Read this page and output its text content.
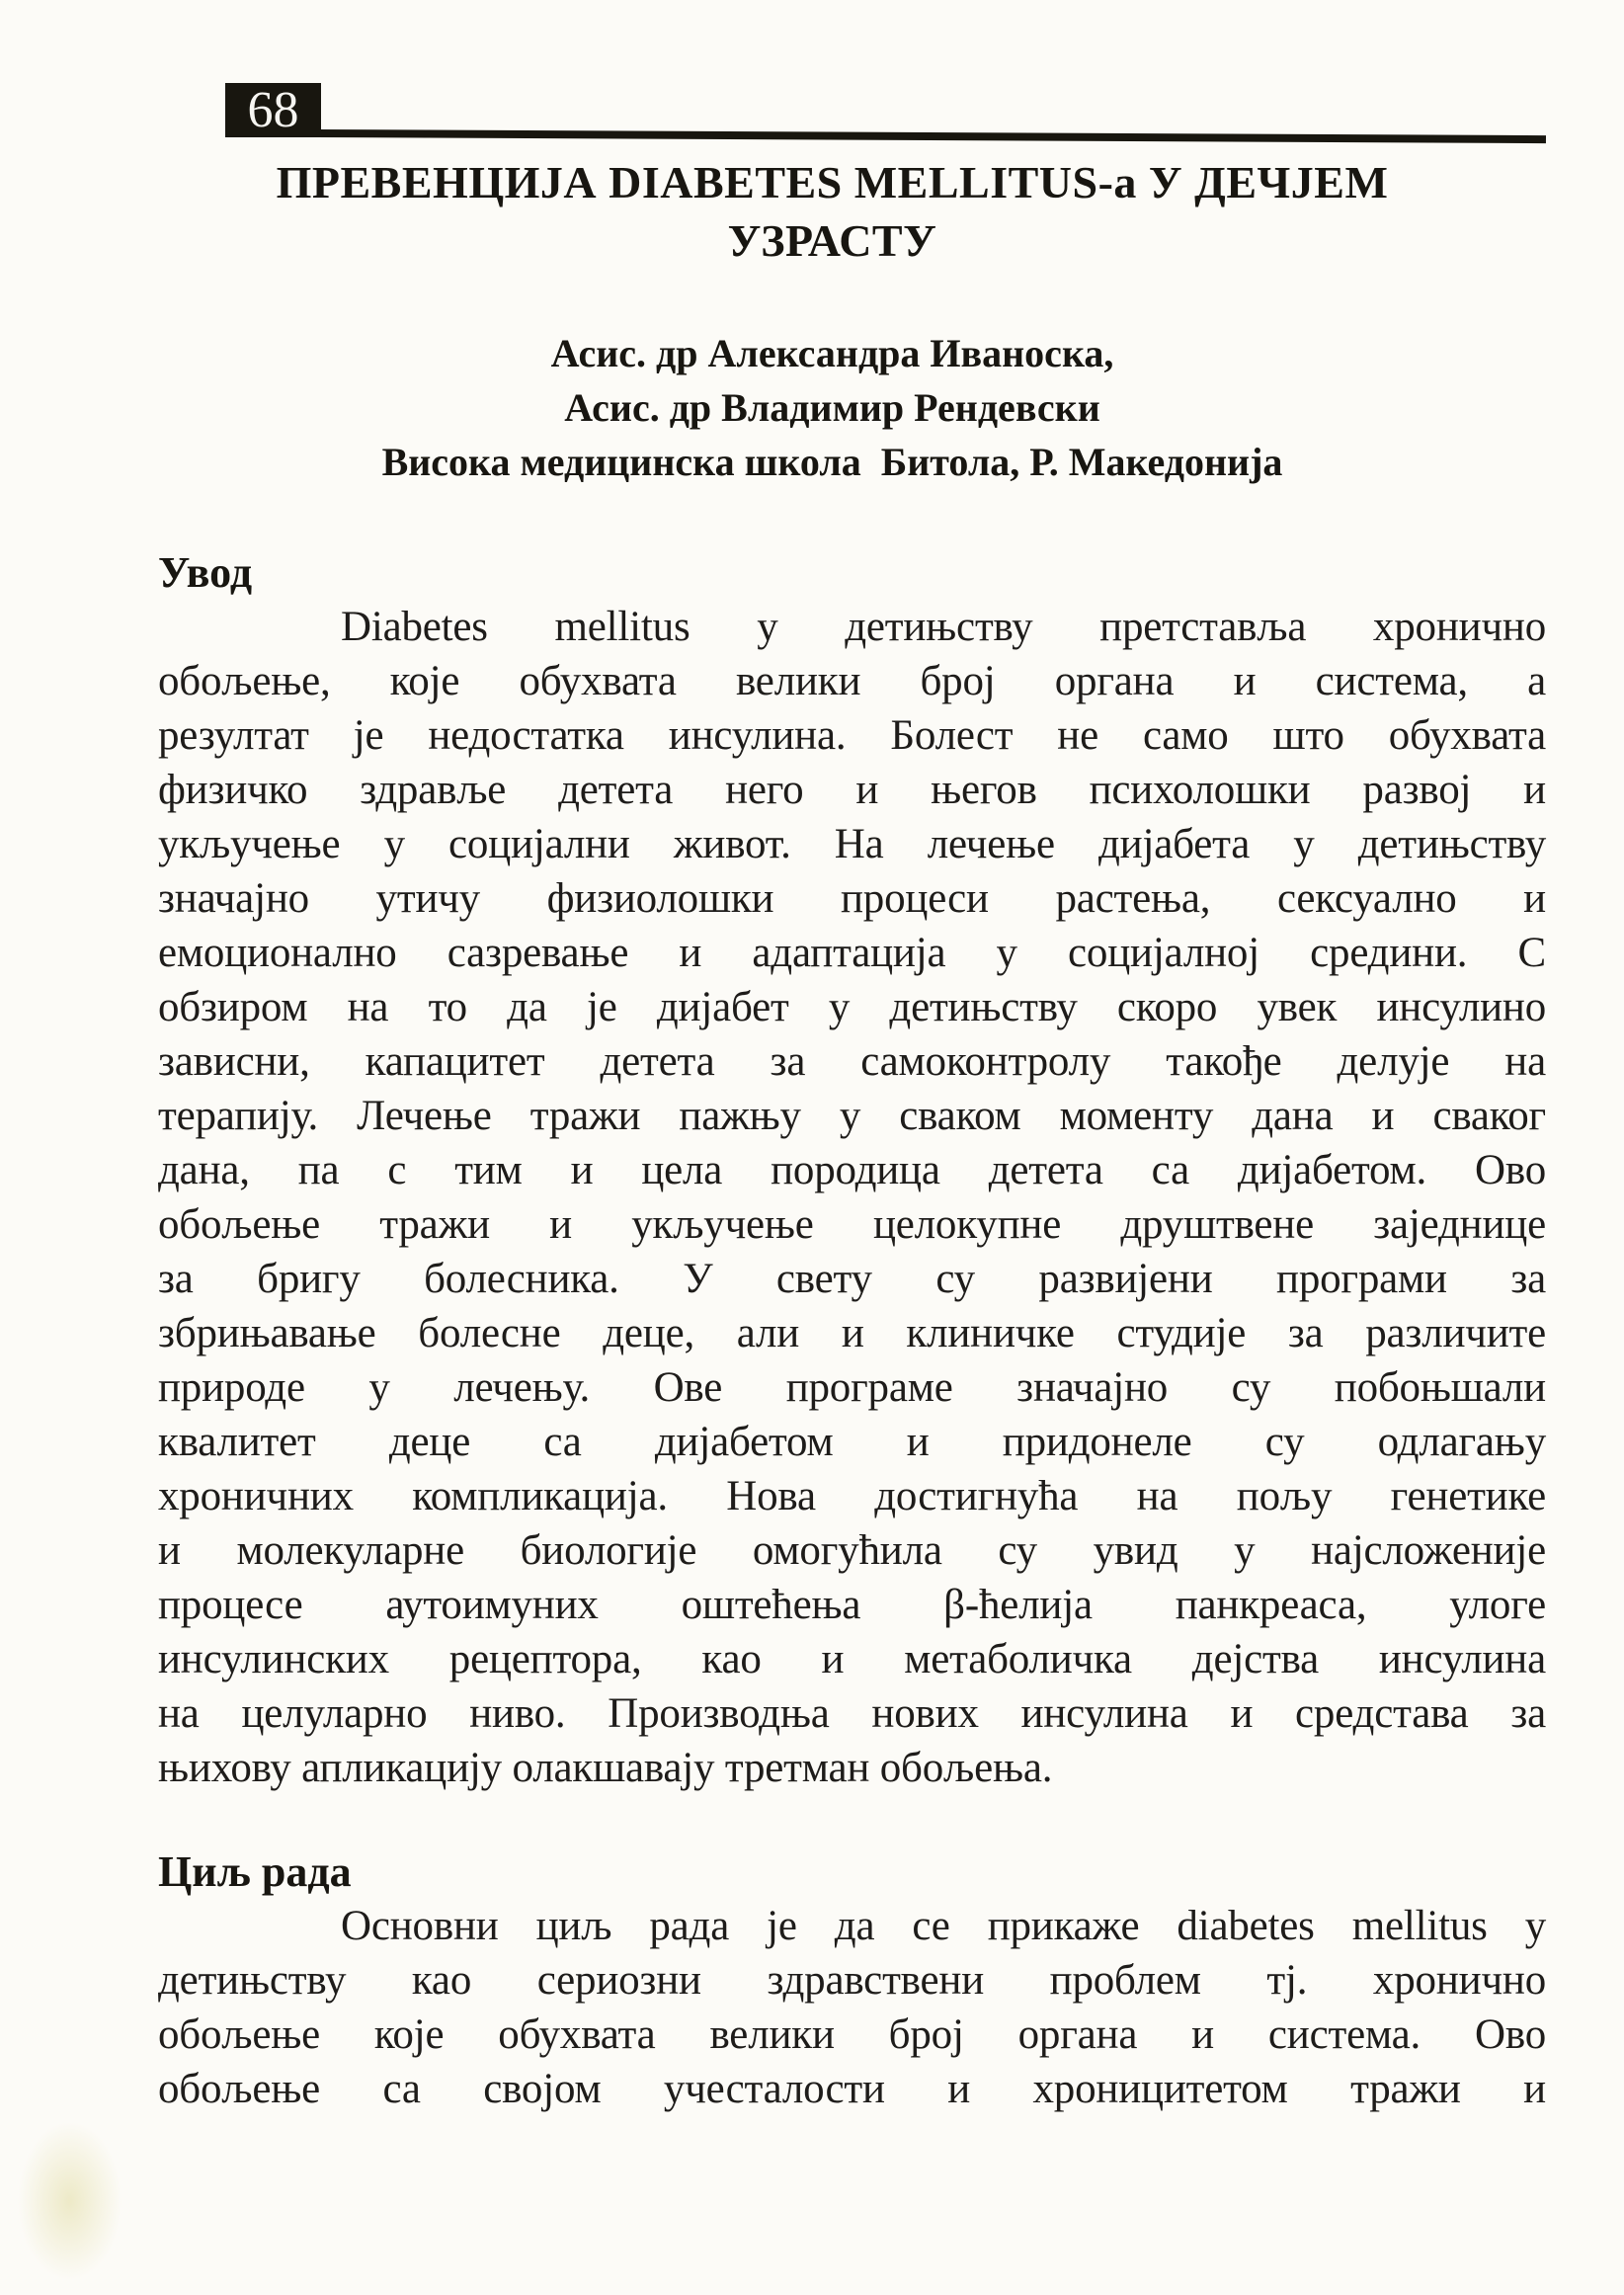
68
ПРЕВЕНЦИЈА DIABETES MELLITUS-а У ДЕЧЈЕМ
УЗРАСТУ
Асис. др Александра Иваноска,
Асис. др Владимир Рендевски
Висока медицинска школа  Битола, Р. Македонија
Увод
Diabetes mellitus у детињству претставља хронично
обољење, које обухвата велики број органа и система, а
резултат је недостатка инсулина. Болест не само што обухвата
физичко здравље детета него и његов психолошки развој и
укључење у социјални живот. На лечење дијабета у детињству
значајно утичу физиолошки процеси растења, сексуално и
емоционално сазревање и адаптација у социјалној средини. С
обзиром на то да је дијабет у детињству скоро увек инсулино
зависни, капацитет детета за самоконтролу такође делује на
терапију. Лечење тражи пажњу у сваком моменту дана и сваког
дана, па с тим и цела породица детета са дијабетом. Ово
обољење тражи и укључење целокупне друштвене заједнице
за бригу болесника. У свету су развијени програми за
збрињавање болесне деце, али и клиничке студије за различите
природе у лечењу. Ове програме значајно су побоњшали
квалитет деце са дијабетом и придонеле су одлагању
хроничних компликација. Нова достигнућа на пољу генетике
и молекуларне биологије омогућила су увид у најсложеније
процесе аутоимуних оштећења β-ћелија панкреаса, улоге
инсулинских рецептора, као и метаболичка дејства инсулина
на целуларно ниво. Производња нових инсулина и средстава за
њихову апликацију олакшавају третман обољења.
Циљ рада
Основни циљ рада је да се прикаже diabetes mellitus у
детињству као сериозни здравствени проблем тј. хронично
обољење које обухвата велики број органа и система. Ово
обољење са својом учесталости и хроницитетом тражи и
